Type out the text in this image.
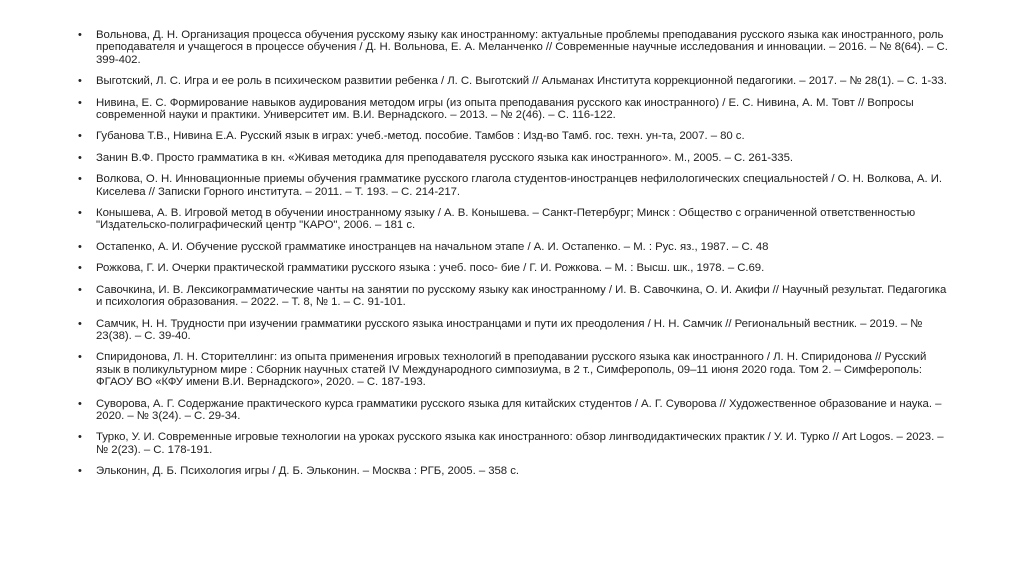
• Вольнова, Д. Н. Организация процесса обучения русскому языку как иностранному: актуальные проблемы преподавания русского языка как иностранного, роль преподавателя и учащегося в процессе обучения / Д. Н. Вольнова, Е. А. Меланченко // Современные научные исследования и инновации. – 2016. – № 8(64). – С. 399-402.
• Выготский, Л. С. Игра и ее роль в психическом развитии ребенка / Л. С. Выготский // Альманах Института коррекционной педагогики. – 2017. – № 28(1). – С. 1-33.
• Нивина, Е. С. Формирование навыков аудирования методом игры (из опыта преподавания русского как иностранного) / Е. С. Нивина, А. М. Товт // Вопросы современной науки и практики. Университет им. В.И. Вернадского. – 2013. – № 2(46). – С. 116-122.
• Губанова Т.В., Нивина Е.А. Русский язык в играх: учеб.-метод. пособие. Тамбов : Изд-во Тамб. гос. техн. ун-та, 2007. – 80 с.
• Занин В.Ф. Просто грамматика в кн. «Живая методика для преподавателя русского языка как иностранного». М., 2005. – С. 261-335.
• Волкова, О. Н. Инновационные приемы обучения грамматике русского глагола студентов-иностранцев нефилологических специальностей / О. Н. Волкова, А. И. Киселева // Записки Горного института. – 2011. – Т. 193. – С. 214-217.
• Конышева, А. В. Игровой метод в обучении иностранному языку / А. В. Конышева. – Санкт-Петербург; Минск : Общество с ограниченной ответственностью "Издательско-полиграфический центр "КАРО", 2006. – 181 с.
• Остапенко, А. И. Обучение русской грамматике иностранцев на начальном этапе / А. И. Остапенко. – М. : Рус. яз., 1987. – С. 48
• Рожкова, Г. И. Очерки практической грамматики русского языка : учеб. посо- бие / Г. И. Рожкова. – М. : Высш. шк., 1978. – С.69.
• Савочкина, И. В. Лексикограмматические чанты на занятии по русскому языку как иностранному / И. В. Савочкина, О. И. Акифи // Научный результат. Педагогика и психология образования. – 2022. – Т. 8, № 1. – С. 91-101.
• Самчик, Н. Н. Трудности при изучении грамматики русского языка иностранцами и пути их преодоления / Н. Н. Самчик // Региональный вестник. – 2019. – № 23(38). – С. 39-40.
• Спиридонова, Л. Н. Сторителлинг: из опыта применения игровых технологий в преподавании русского языка как иностранного / Л. Н. Спиридонова // Русский язык в поликультурном мире : Сборник научных статей IV Международного симпозиума, в 2 т., Симферополь, 09–11 июня 2020 года. Том 2. – Симферополь: ФГАОУ ВО «КФУ имени В.И. Вернадского», 2020. – С. 187-193.
• Суворова, А. Г. Содержание практического курса грамматики русского языка для китайских студентов / А. Г. Суворова // Художественное образование и наука. – 2020. – № 3(24). – С. 29-34.
• Турко, У. И. Современные игровые технологии на уроках русского языка как иностранного: обзор лингводидактических практик / У. И. Турко // Art Logos. – 2023. – № 2(23). – С. 178-191.
• Эльконин, Д. Б. Психология игры / Д. Б. Эльконин. – Москва : РГБ, 2005. – 358 с.
